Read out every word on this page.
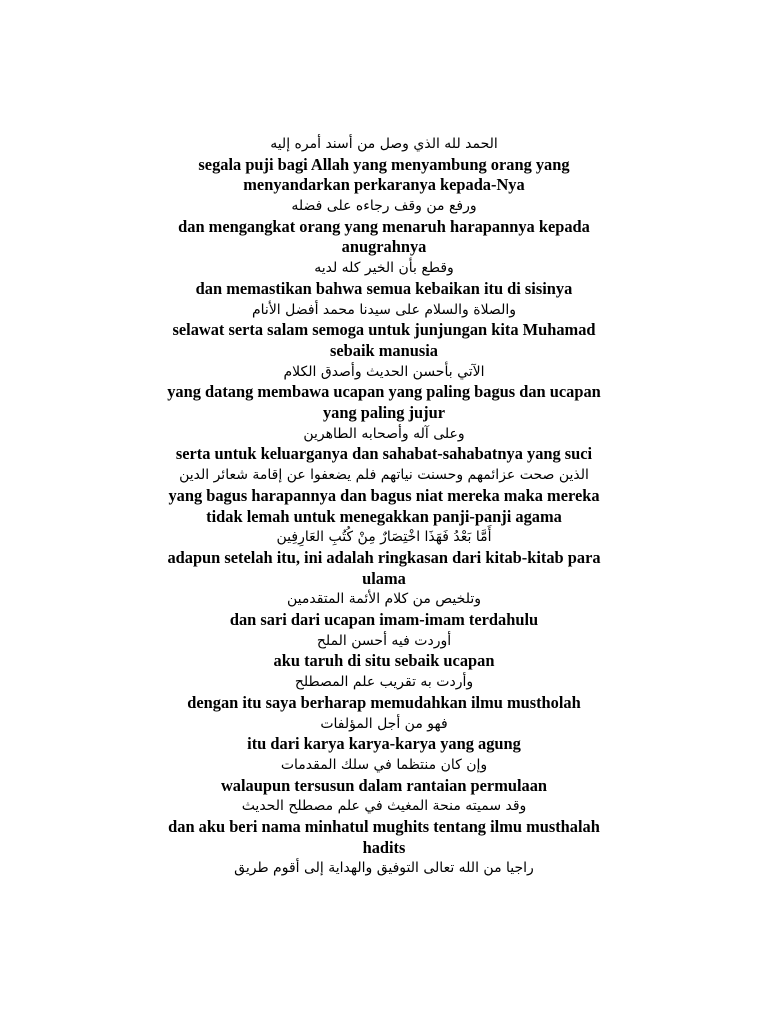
الحمد لله الذي وصل من أسند أمره إليه
segala puji bagi Allah yang menyambung orang yang menyandarkan perkaranya kepada-Nya
ورفع من وقف رجاءه على فضله
dan mengangkat orang yang menaruh harapannya kepada anugrahnya
وقطع بأن الخير كله لديه
dan memastikan bahwa semua kebaikan itu di sisinya
والصلاة والسلام على سيدنا محمد أفضل الأنام
selawat serta salam semoga untuk junjungan kita Muhamad sebaik manusia
الآتي بأحسن الحديث وأصدق الكلام
yang datang membawa ucapan yang paling bagus dan ucapan yang paling jujur
وعلى آله وأصحابه الطاهرين
serta untuk keluarganya dan sahabat-sahabatnya yang suci
الذين صحت عزائمهم وحسنت نياتهم فلم يضعفوا عن إقامة شعائر الدين
yang bagus harapannya dan bagus niat mereka maka mereka tidak lemah untuk menegakkan panji-panji agama
أَمَّا بَعْدُ فَهَذَا اخْتِصَارٌ مِنْ كُتُبِ العَارِفِين
adapun setelah itu, ini adalah ringkasan dari kitab-kitab para ulama
وتلخيص من كلام الأئمة المتقدمين
dan sari dari ucapan imam-imam terdahulu
أوردت فيه أحسن الملح
aku taruh di situ sebaik ucapan
وأردت به تقريب علم المصطلح
dengan itu saya berharap memudahkan ilmu mustholah
فهو من أجل المؤلفات
itu dari karya karya-karya yang agung
وإن كان منتظما في سلك المقدمات
walaupun tersusun dalam rantaian permulaan
وقد سميته منحة المغيث في علم مصطلح الحديث
dan aku beri nama minhatul mughits tentang ilmu musthalah hadits
راجيا من الله تعالى التوفيق والهداية إلى أقوم طريق
